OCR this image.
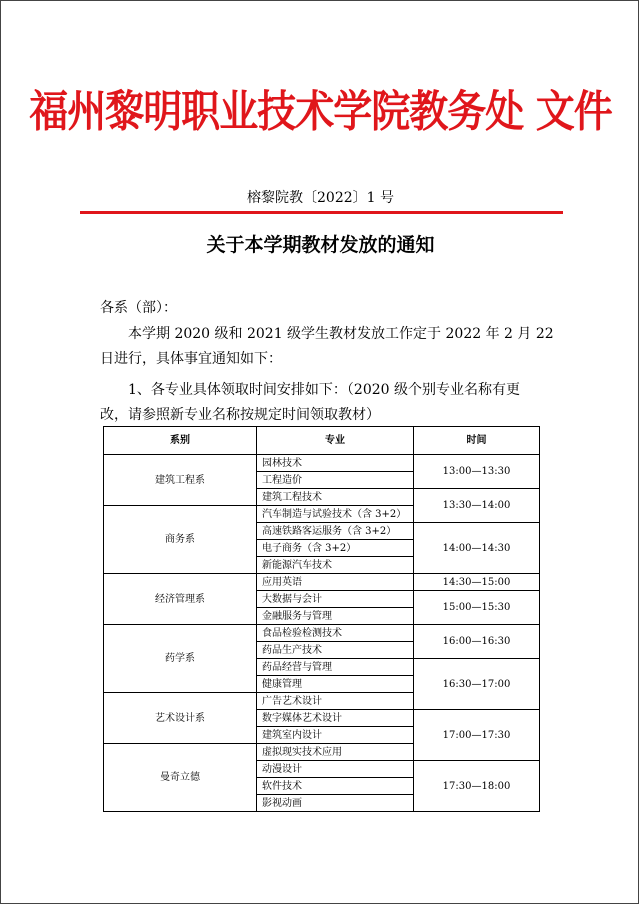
福州黎明职业技术学院教务处 文件
榕黎院教〔2022〕1 号
关于本学期教材发放的通知
各系（部）：
本学期 2020 级和 2021 级学生教材发放工作定于 2022 年 2 月 22
日进行，具体事宜通知如下：
1、各专业具体领取时间安排如下：（2020 级个别专业名称有更
改，请参照新专业名称按规定时间领取教材）
系别	专业	时间
建筑工程系	园林技术	13:00—13:30
	工程造价	
	建筑工程技术	13:30—14:00
商务系	汽车制造与试验技术（含 3+2）	
	高速铁路客运服务（含 3+2）	14:00—14:30
	电子商务（含 3+2）	
	新能源汽车技术	
经济管理系	应用英语	14:30—15:00
	大数据与会计	15:00—15:30
	金融服务与管理	
药学系	食品检验检测技术	16:00—16:30
	药品生产技术	
	药品经营与管理	16:30—17:00
	健康管理	
艺术设计系	广告艺术设计	
	数字媒体艺术设计	17:00—17:30
	建筑室内设计	
曼奇立德	虚拟现实技术应用	
	动漫设计	17:30—18:00
	软件技术	
	影视动画	
